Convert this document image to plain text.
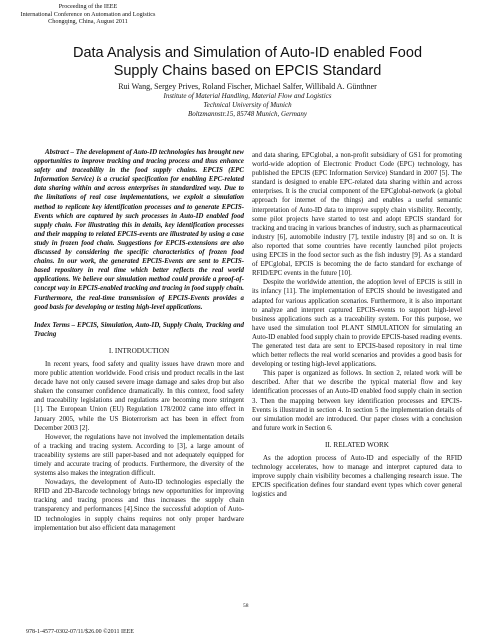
Proceeding of the IEEE
International Conference on Automation and Logistics
Chongqing, China, August 2011
Data Analysis and Simulation of Auto-ID enabled Food
Supply Chains based on EPCIS Standard
Rui Wang, Sergey Prives, Roland Fischer, Michael Salfer, Willibald A. Günthner
Institute of Material Handling, Material Flow and Logistics
Technical University of Munich
Boltzmannstr.15, 85748 Munich, Germany

Abstract – The development of Auto-ID technologies has brought new opportunities to improve tracking and tracing process and thus enhance safety and traceability in the food supply chains. EPCIS (EPC Information Service) is a crucial specification for enabling EPC-related data sharing within and across enterprises in standardized way. Due to the limitations of real case implementations, we exploit a simulation method to replicate key identification processes and to generate EPCIS-Events which are captured by such processes in Auto-ID enabled food supply chain. For illustrating this in details, key identification processes and their mapping to related EPCIS-events are illustrated by using a case study in frozen food chain. Suggestions for EPCIS-extensions are also discussed by considering the specific characteristics of frozen food chains. In our work, the generated EPCIS-Events are sent to EPCIS-based repository in real time which better reflects the real world applications. We believe our simulation method could provide a proof-of-concept way in EPCIS-enabled tracking and tracing in food supply chain. Furthermore, the real-time transmission of EPCIS-Events provides a good basis for developing or testing high-level applications.

Index Terms – EPCIS, Simulation, Auto-ID, Supply Chain, Tracking and Tracing

I. INTRODUCTION

In recent years, food safety and quality issues have drawn more and more public attention worldwide. Food crisis und product recalls in the last decade have not only caused severe image damage and sales drop but also shaken the consumer confidence dramatically. In this context, food safety and traceability legislations and regulations are becoming more stringent [1]. The European Union (EU) Regulation 178/2002 came into effect in January 2005, while the US Bioterrorism act has been in effect from December 2003 [2].

However, the regulations have not involved the implementation details of a tracking and tracing system. According to [3], a large amount of traceability systems are still paper-based and not adequately equipped for timely and accurate tracing of products. Furthermore, the diversity of the systems also makes the integration difficult.

Nowadays, the development of Auto-ID technologies especially the RFID and 2D-Barcode technology brings new opportunities for improving tracking and tracing process and thus increases the supply chain transparency and performances [4].Since the successful adoption of Auto-ID technologies in supply chains requires not only proper hardware implementation but also efficient data management

and data sharing, EPCglobal, a non-profit subsidiary of GS1 for promoting world-wide adoption of Electronic Product Code (EPC) technology, has published the EPCIS (EPC Information Service) Standard in 2007 [5]. The standard is designed to enable EPC-related data sharing within and across enterprises. It is the crucial component of the EPCglobal-network (a global approach for internet of the things) and enables a useful semantic interpretation of Auto-ID data to improve supply chain visibility. Recently, some pilot projects have started to test and adopt EPCIS standard for tracking and tracing in various branches of industry, such as pharmaceutical industry [6], automobile industry [7], textile industry [8] and so on. It is also reported that some countries have recently launched pilot projects using EPCIS in the food sector such as the fish industry [9]. As a standard of EPCglobal, EPCIS is becoming the de facto standard for exchange of RFID/EPC events in the future [10].

Despite the worldwide attention, the adoption level of EPCIS is still in its infancy [11]. The implementation of EPCIS should be investigated and adapted for various application scenarios. Furthermore, it is also important to analyze and interpret captured EPCIS-events to support high-level business applications such as a traceability system. For this purpose, we have used the simulation tool PLANT SIMULATION for simulating an Auto-ID enabled food supply chain to provide EPCIS-based reading events. The generated test data are sent to EPCIS-based repository in real time which better reflects the real world scenarios and provides a good basis for developing or testing high-level applications.

This paper is organized as follows. In section 2, related work will be described. After that we describe the typical material flow and key identification processes of an Auto-ID enabled food supply chain in section 3. Then the mapping between key identification processes and EPCIS-Events is illustrated in section 4. In section 5 the implementation details of our simulation model are introduced. Our paper closes with a conclusion and future work in Section 6.

II. RELATED WORK

As the adoption process of Auto-ID and especially of the RFID technology accelerates, how to manage and interpret captured data to improve supply chain visibility becomes a challenging research issue. The EPCIS specification defines four standard event types which cover general logistics and

58
978-1-4577-0302-07/11/$26.00 ©2011 IEEE
